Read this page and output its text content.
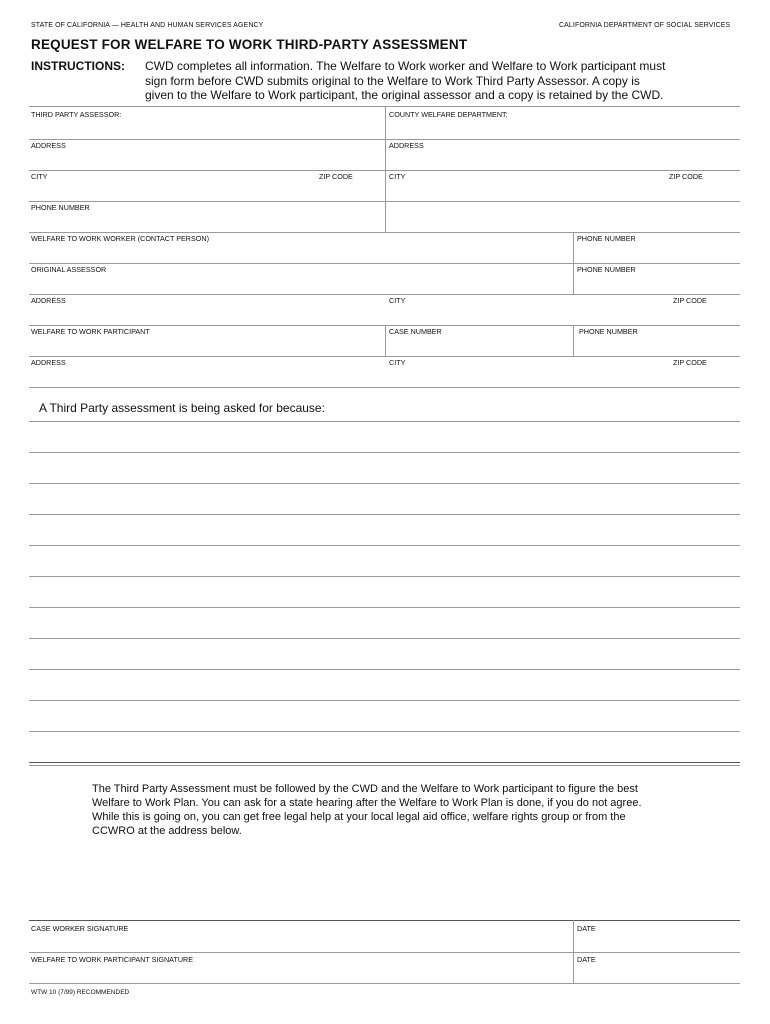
STATE OF CALIFORNIA — HEALTH AND HUMAN SERVICES AGENCY	CALIFORNIA DEPARTMENT OF SOCIAL SERVICES
REQUEST FOR WELFARE TO WORK THIRD-PARTY ASSESSMENT
INSTRUCTIONS: CWD completes all information. The Welfare to Work worker and Welfare to Work participant must
sign form before CWD submits original to the Welfare to Work Third Party Assessor. A copy is
given to the Welfare to Work participant, the original assessor and a copy is retained by the CWD.
THIRD PARTY ASSESSOR:	COUNTY WELFARE DEPARTMENT:
ADDRESS	ADDRESS
CITY	ZIP CODE	CITY	ZIP CODE
PHONE NUMBER
WELFARE TO WORK WORKER (CONTACT PERSON)	PHONE NUMBER
ORIGINAL ASSESSOR	PHONE NUMBER
ADDRESS	CITY	ZIP CODE
WELFARE TO WORK PARTICIPANT	CASE NUMBER	PHONE NUMBER
ADDRESS	CITY	ZIP CODE
A Third Party assessment is being asked for because:
The Third Party Assessment must be followed by the CWD and the Welfare to Work participant to figure the best
Welfare to Work Plan. You can ask for a state hearing after the Welfare to Work Plan is done, if you do not agree.
While this is going on, you can get free legal help at your local legal aid office, welfare rights group or from the
CCWRO at the address below.
CASE WORKER SIGNATURE	DATE
WELFARE TO WORK PARTICIPANT SIGNATURE	DATE
WTW 10 (7/99) RECOMMENDED
